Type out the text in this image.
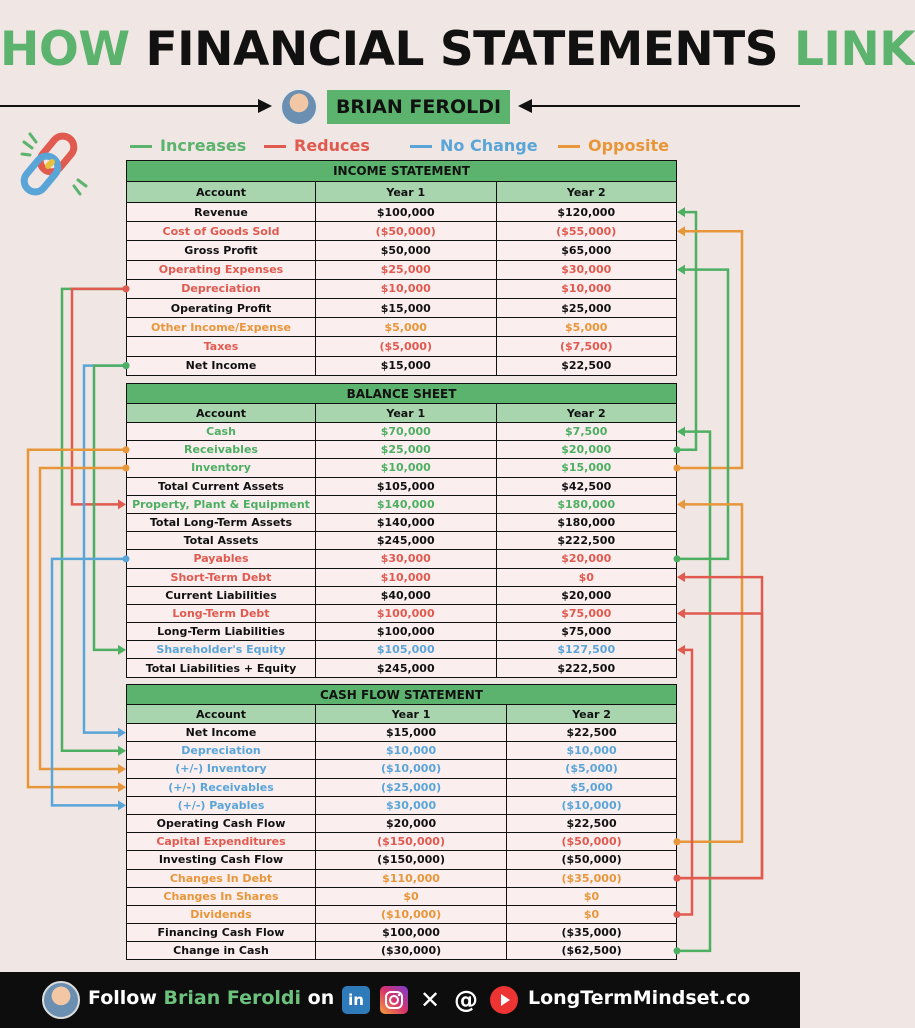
HOW FINANCIAL STATEMENTS LINK
BRIAN FEROLDI
Increases	Reduces	No Change	Opposite
INCOME STATEMENT		
Account	Year 1	Year 2
Revenue	$100,000	$120,000
Cost of Goods Sold	($50,000)	($55,000)
Gross Profit	$50,000	$65,000
Operating Expenses	$25,000	$30,000
Depreciation	$10,000	$10,000
Operating Profit	$15,000	$25,000
Other Income/Expense	$5,000	$5,000
Taxes	($5,000)	($7,500)
Net Income	$15,000	$22,500
BALANCE SHEET		
Account	Year 1	Year 2
Cash	$70,000	$7,500
Receivables	$25,000	$20,000
Inventory	$10,000	$15,000
Total Current Assets	$105,000	$42,500
Property, Plant & Equipment	$140,000	$180,000
Total Long-Term Assets	$140,000	$180,000
Total Assets	$245,000	$222,500
Payables	$30,000	$20,000
Short-Term Debt	$10,000	$0
Current Liabilities	$40,000	$20,000
Long-Term Debt	$100,000	$75,000
Long-Term Liabilities	$100,000	$75,000
Shareholder's Equity	$105,000	$127,500
Total Liabilities + Equity	$245,000	$222,500
CASH FLOW STATEMENT		
Account	Year 1	Year 2
Net Income	$15,000	$22,500
Depreciation	$10,000	$10,000
(+/-) Inventory	($10,000)	($5,000)
(+/-) Receivables	($25,000)	$5,000
(+/-) Payables	$30,000	($10,000)
Operating Cash Flow	$20,000	$22,500
Capital Expenditures	($150,000)	($50,000)
Investing Cash Flow	($150,000)	($50,000)
Changes In Debt	$110,000	($35,000)
Changes In Shares	$0	$0
Dividends	($10,000)	$0
Financing Cash Flow	$100,000	($35,000)
Change in Cash	($30,000)	($62,500)
Follow Brian Feroldi on in ✕ @	LongTermMindset.co
